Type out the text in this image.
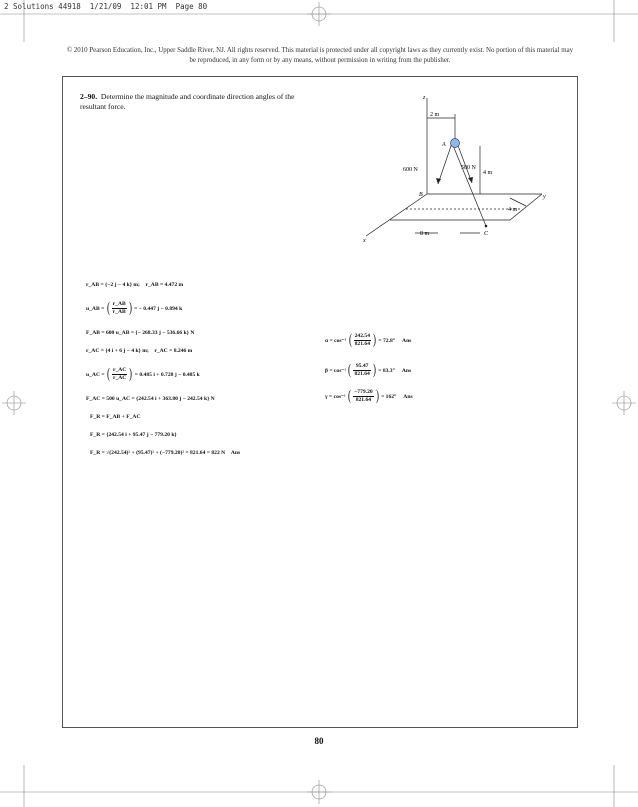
2 Solutions 44918  1/21/09  12:01 PM  Page 80
© 2010 Pearson Education, Inc., Upper Saddle River, NJ. All rights reserved. This material is protected under all copyright laws as they currently exist. No portion of this material may be reproduced, in any form or by any means, without permission in writing from the publisher.
2–90. Determine the magnitude and coordinate direction angles of the resultant force.
z
y
x
2 m
4 m
4 m
8 m
A
B
C
600 N	500 N
r_AB = {−2 j − 4 k} m; r_AB = 4.472 m
u_AB = ( $\frac{r\_AB}{r\_AB}$ ) = − 0.447 j − 0.894 k
F_AB = 600 u_AB = {− 268.33 j − 536.66 k} N
r_AC = {4 i + 6 j − 4 k} m; r_AC = 8.246 m
u_AC = ( $\frac{r\_AC}{r\_AC}$ ) = 0.485 i + 0.728 j − 0.485 k
F_AC = 500 u_AC = {242.54 i + 363.80 j − 242.54 k} N
F_R = F_AB + F_AC
F_R = {242.54 i + 95.47 j − 779.20 k}
F_R = √(242.54)² + (95.47)² + (−779.20)² = 821.64 = 822 N Ans
α = cos⁻¹ ( $\frac{242.54}{821.64}$ ) = 72.8° Ans
β = cos⁻¹ ( $\frac{95.47}{821.64}$ ) = 83.3° Ans
γ = cos⁻¹ ( $\frac{-779.20}{821.64}$ ) = 162° Ans
80
